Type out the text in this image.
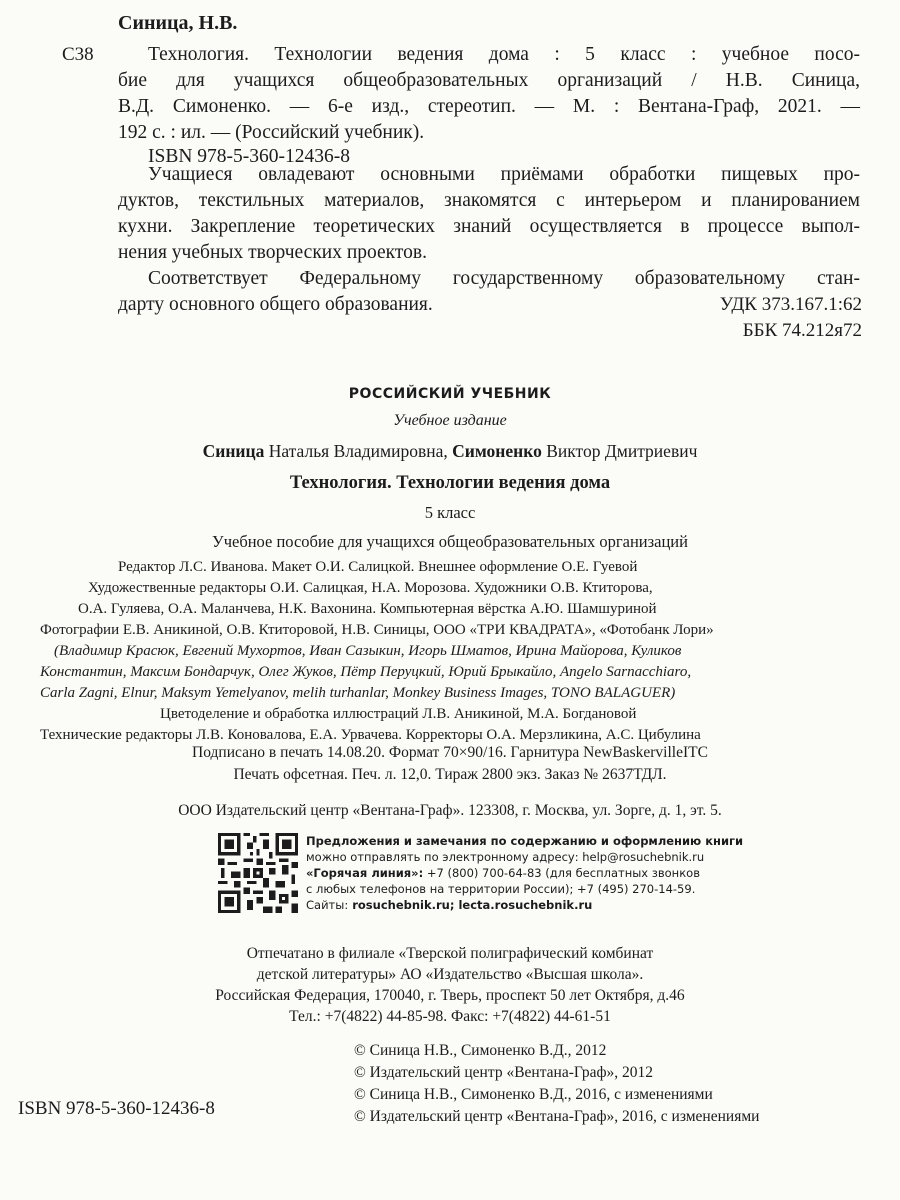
Синица, Н.В.
С38	Технология. Технологии ведения дома : 5 класс : учебное посо-
бие для учащихся общеобразовательных организаций / Н.В. Синица,
В.Д. Симоненко. — 6-е изд., стереотип. — М. : Вентана-Граф, 2021. —
192 с. : ил. — (Российский учебник).
ISBN 978-5-360-12436-8
Учащиеся овладевают основными приёмами обработки пищевых про-
дуктов, текстильных материалов, знакомятся с интерьером и планированием
кухни. Закрепление теоретических знаний осуществляется в процессе выпол-
нения учебных творческих проектов.
Соответствует Федеральному государственному образовательному стан-
дарту основного общего образования.	УДК 373.167.1:62
ББК 74.212я72
РОССИЙСКИЙ УЧЕБНИК
Учебное издание
Синица Наталья Владимировна, Симоненко Виктор Дмитриевич
Технология. Технологии ведения дома
5 класс
Учебное пособие для учащихся общеобразовательных организаций
Редактор Л.С. Иванова. Макет О.И. Салицкой. Внешнее оформление О.Е. Гуевой
Художественные редакторы О.И. Салицкая, Н.А. Морозова. Художники О.В. Ктиторова,
О.А. Гуляева, О.А. Маланчева, Н.К. Вахонина. Компьютерная вёрстка А.Ю. Шамшуриной
Фотографии Е.В. Аникиной, О.В. Ктиторовой, Н.В. Синицы, ООО «ТРИ КВАДРАТА», «Фотобанк Лори»
(Владимир Красюк, Евгений Мухортов, Иван Сазыкин, Игорь Шматов, Ирина Майорова, Куликов
Константин, Максим Бондарчук, Олег Жуков, Пётр Перуцкий, Юрий Брыкайло, Angelo Sarnacchiaro,
Carla Zagni, Elnur, Maksym Yemelyanov, melih turhanlar, Monkey Business Images, TONO BALAGUER)
Цветоделение и обработка иллюстраций Л.В. Аникиной, М.А. Богдановой
Технические редакторы Л.В. Коновалова, Е.А. Урвачева. Корректоры О.А. Мерзликина, А.С. Цибулина
Подписано в печать 14.08.20. Формат 70×90/16. Гарнитура NewBaskervilleITC
Печать офсетная. Печ. л. 12,0. Тираж 2800 экз. Заказ № 2637ТДЛ.
ООО Издательский центр «Вентана-Граф». 123308, г. Москва, ул. Зорге, д. 1, эт. 5.
Предложения и замечания по содержанию и оформлению книги
можно отправлять по электронному адресу: help@rosuchebnik.ru
«Горячая линия»: +7 (800) 700-64-83 (для бесплатных звонков
с любых телефонов на территории России); +7 (495) 270-14-59.
Сайты: rosuchebnik.ru; lecta.rosuchebnik.ru
Отпечатано в филиале «Тверской полиграфический комбинат
детской литературы» АО «Издательство «Высшая школа».
Российская Федерация, 170040, г. Тверь, проспект 50 лет Октября, д.46
Тел.: +7(4822) 44-85-98. Факс: +7(4822) 44-61-51
© Синица Н.В., Симоненко В.Д., 2012
© Издательский центр «Вентана-Граф», 2012
© Синица Н.В., Симоненко В.Д., 2016, с изменениями
© Издательский центр «Вентана-Граф», 2016, с изменениями
ISBN 978-5-360-12436-8
